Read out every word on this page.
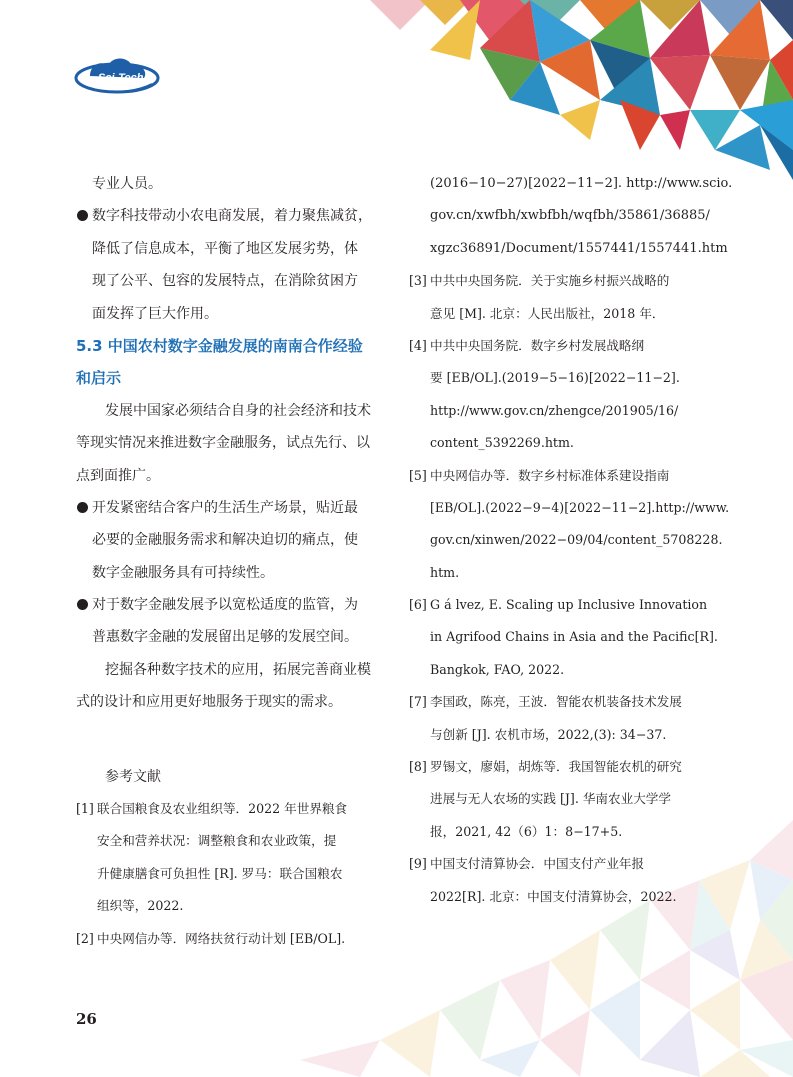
Sci-Tech
专业人员。
数字科技带动小农电商发展，着力聚焦减贫，
降低了信息成本，平衡了地区发展劣势，体
现了公平、包容的发展特点，在消除贫困方
面发挥了巨大作用。
5.3 中国农村数字金融发展的南南合作经验
和启示
发展中国家必须结合自身的社会经济和技术
等现实情况来推进数字金融服务，试点先行、以
点到面推广。
开发紧密结合客户的生活生产场景，贴近最
必要的金融服务需求和解决迫切的痛点，使
数字金融服务具有可持续性。
对于数字金融发展予以宽松适度的监管，为
普惠数字金融的发展留出足够的发展空间。
挖掘各种数字技术的应用，拓展完善商业模
式的设计和应用更好地服务于现实的需求。
参考文献
[1] 联合国粮食及农业组织等．2022 年世界粮食
安全和营养状况：调整粮食和农业政策，提
升健康膳食可负担性 [R]. 罗马：联合国粮农
组织等，2022.
[2] 中央网信办等．网络扶贫行动计划 [EB/OL].
(2016−10−27)[2022−11−2]. http://www.scio.
gov.cn/xwfbh/xwbfbh/wqfbh/35861/36885/
xgzc36891/Document/1557441/1557441.htm
[3] 中共中央国务院．关于实施乡村振兴战略的
意见 [M]. 北京：人民出版社，2018 年．
[4] 中共中央国务院．数字乡村发展战略纲
要 [EB/OL].(2019−5−16)[2022−11−2].
http://www.gov.cn/zhengce/201905/16/
content_5392269.htm.
[5] 中央网信办等．数字乡村标准体系建设指南
[EB/OL].(2022−9−4)[2022−11−2].http://www.
gov.cn/xinwen/2022−09/04/content_5708228.
htm.
[6] G á lvez, E. Scaling up Inclusive Innovation
in Agrifood Chains in Asia and the Pacific[R].
Bangkok, FAO, 2022.
[7] 李国政，陈亮，王波．智能农机装备技术发展
与创新 [J]. 农机市场，2022,(3): 34−37.
[8] 罗锡文，廖娟，胡炼等．我国智能农机的研究
进展与无人农场的实践 [J]. 华南农业大学学
报，2021, 42（6）1：8−17+5.
[9] 中国支付清算协会．中国支付产业年报
2022[R]. 北京：中国支付清算协会，2022.
26
